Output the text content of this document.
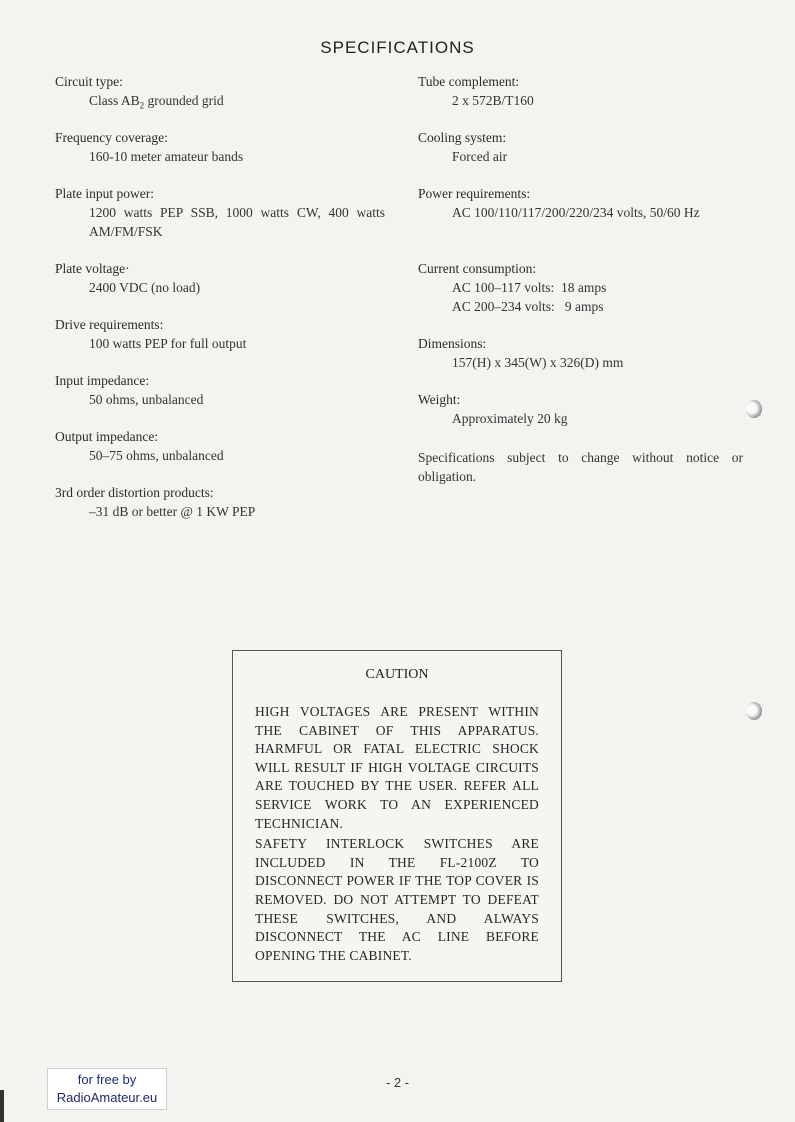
SPECIFICATIONS
Circuit type:
Class $AB_2$ grounded grid
Frequency coverage:
160-10 meter amateur bands
Plate input power:
1200 watts PEP SSB, 1000 watts CW, 400 watts AM/FM/FSK
Plate voltage·
2400 VDC (no load)
Drive requirements:
100 watts PEP for full output
Input impedance:
50 ohms, unbalanced
Output impedance:
50–75 ohms, unbalanced
3rd order distortion products:
–31 dB or better @ 1 KW PEP
Tube complement:
2 x 572B/T160
Cooling system:
Forced air
Power requirements:
AC 100/110/117/200/220/234 volts, 50/60 Hz
Current consumption:
AC 100–117 volts:  18 amps
AC 200–234 volts:   9 amps
Dimensions:
157(H) x 345(W) x 326(D) mm
Weight:
Approximately 20 kg
Specifications subject to change without notice or obligation.
CAUTION

HIGH VOLTAGES ARE PRESENT WITHIN THE CABINET OF THIS APPARATUS. HARMFUL OR FATAL ELECTRIC SHOCK WILL RESULT IF HIGH VOLTAGE CIRCUITS ARE TOUCHED BY THE USER. REFER ALL SERVICE WORK TO AN EXPERIENCED TECHNICIAN.

SAFETY INTERLOCK SWITCHES ARE INCLUDED IN THE FL-2100Z TO DISCONNECT POWER IF THE TOP COVER IS REMOVED. DO NOT ATTEMPT TO DEFEAT THESE SWITCHES, AND ALWAYS DISCONNECT THE AC LINE BEFORE OPENING THE CABINET.

- 2 -
for free by
RadioAmateur.eu
